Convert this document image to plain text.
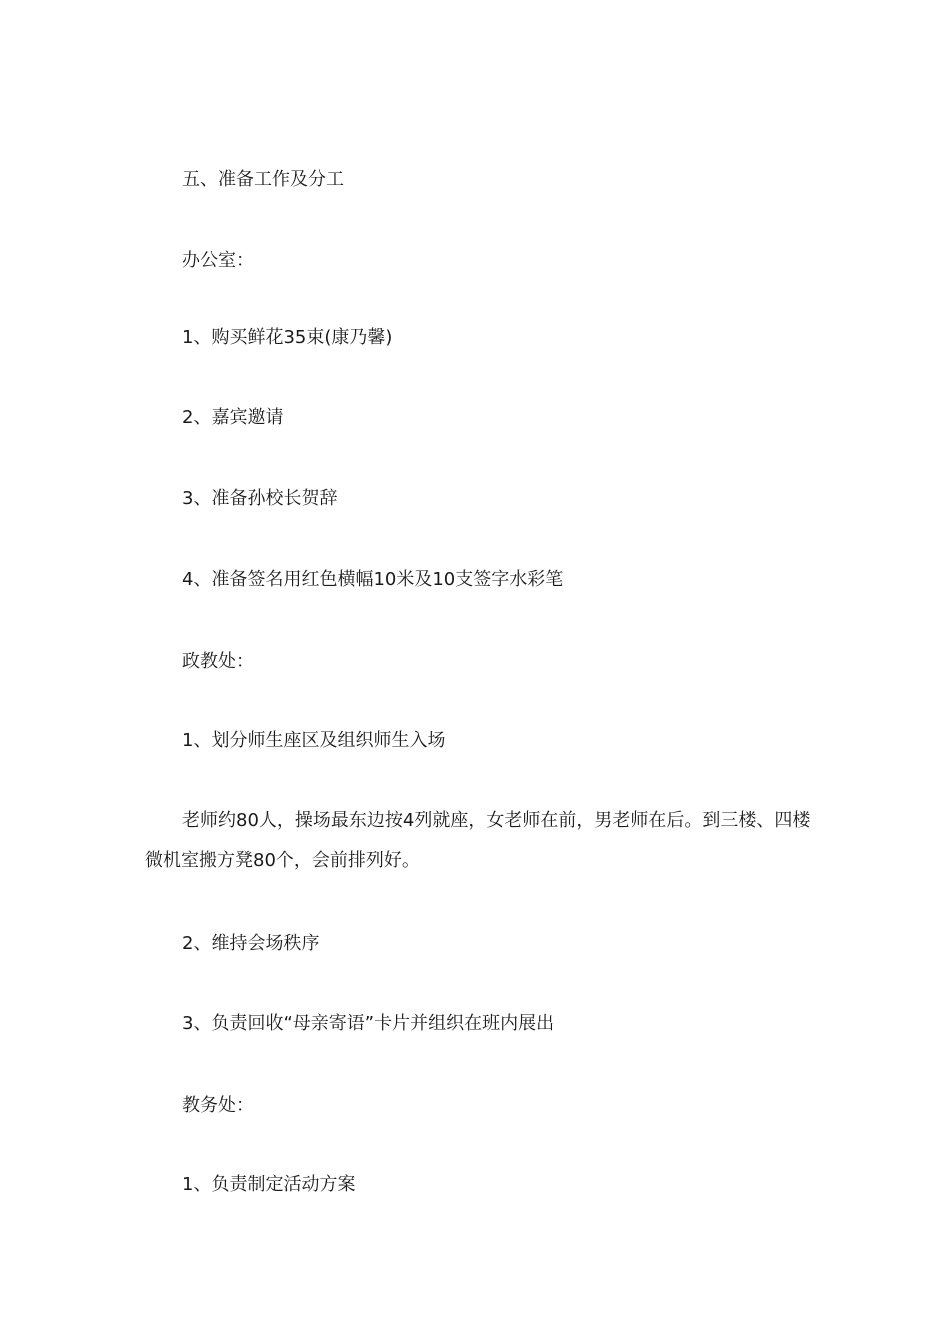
五、准备工作及分工
办公室：
1、购买鲜花35束(康乃馨)
2、嘉宾邀请
3、准备孙校长贺辞
4、准备签名用红色横幅10米及10支签字水彩笔
政教处：
1、划分师生座区及组织师生入场
老师约80人，操场最东边按4列就座，女老师在前，男老师在后。到三楼、四楼微机室搬方凳80个，会前排列好。
2、维持会场秩序
3、负责回收“母亲寄语”卡片并组织在班内展出
教务处：
1、负责制定活动方案
